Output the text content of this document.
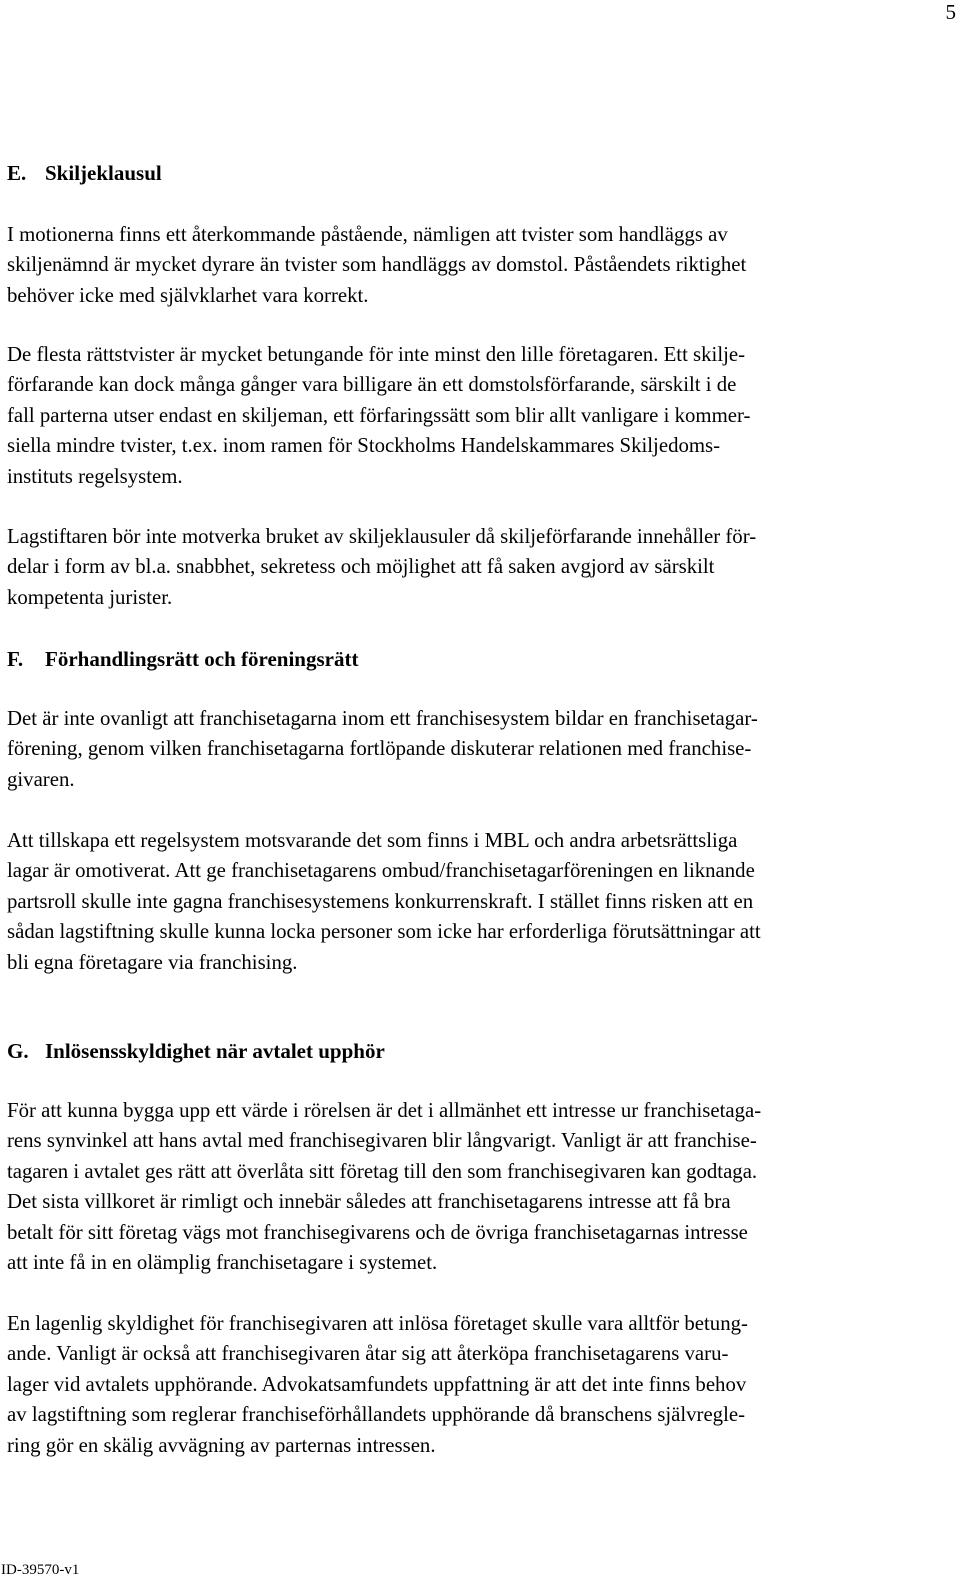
5
E. Skiljeklausul

I motionerna finns ett återkommande påstående, nämligen att tvister som handläggs av
skiljenämnd är mycket dyrare än tvister som handläggs av domstol. Påståendets riktighet
behöver icke med självklarhet vara korrekt.

De flesta rättstvister är mycket betungande för inte minst den lille företagaren. Ett skilje-
förfarande kan dock många gånger vara billigare än ett domstolsförfarande, särskilt i de
fall parterna utser endast en skiljeman, ett förfaringssätt som blir allt vanligare i kommer-
siella mindre tvister, t.ex. inom ramen för Stockholms Handelskammares Skiljedoms-
instituts regelsystem.

Lagstiftaren bör inte motverka bruket av skiljeklausuler då skiljeförfarande innehåller för-
delar i form av bl.a. snabbhet, sekretess och möjlighet att få saken avgjord av särskilt
kompetenta jurister.

F. Förhandlingsrätt och föreningsrätt

Det är inte ovanligt att franchisetagarna inom ett franchisesystem bildar en franchisetagar-
förening, genom vilken franchisetagarna fortlöpande diskuterar relationen med franchise-
givaren.

Att tillskapa ett regelsystem motsvarande det som finns i MBL och andra arbetsrättsliga
lagar är omotiverat. Att ge franchisetagarens ombud/franchisetagarföreningen en liknande
partsroll skulle inte gagna franchisesystemens konkurrenskraft. I stället finns risken att en
sådan lagstiftning skulle kunna locka personer som icke har erforderliga förutsättningar att
bli egna företagare via franchising.

G. Inlösensskyldighet när avtalet upphör

För att kunna bygga upp ett värde i rörelsen är det i allmänhet ett intresse ur franchisetaga-
rens synvinkel att hans avtal med franchisegivaren blir långvarigt. Vanligt är att franchise-
tagaren i avtalet ges rätt att överlåta sitt företag till den som franchisegivaren kan godtaga.
Det sista villkoret är rimligt och innebär således att franchisetagarens intresse att få bra
betalt för sitt företag vägs mot franchisegivarens och de övriga franchisetagarnas intresse
att inte få in en olämplig franchisetagare i systemet.

En lagenlig skyldighet för franchisegivaren att inlösa företaget skulle vara alltför betung-
ande. Vanligt är också att franchisegivaren åtar sig att återköpa franchisetagarens varu-
lager vid avtalets upphörande. Advokatsamfundets uppfattning är att det inte finns behov
av lagstiftning som reglerar franchiseförhållandets upphörande då branschens självregle-
ring gör en skälig avvägning av parternas intressen.

ID-39570-v1
